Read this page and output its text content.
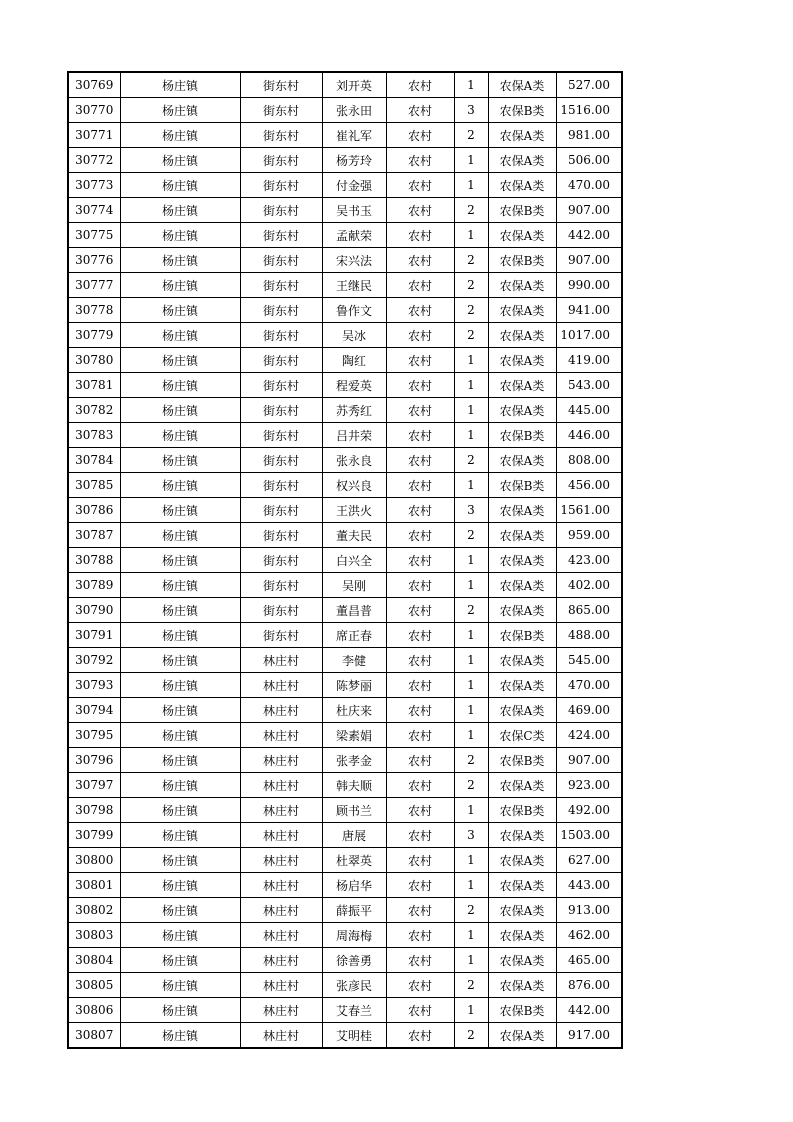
30769	杨庄镇	街东村	刘开英	农村	1	农保A类	527.00
30770	杨庄镇	街东村	张永田	农村	3	农保B类	1516.00
30771	杨庄镇	街东村	崔礼军	农村	2	农保A类	981.00
30772	杨庄镇	街东村	杨芳玲	农村	1	农保A类	506.00
30773	杨庄镇	街东村	付金强	农村	1	农保A类	470.00
30774	杨庄镇	街东村	吴书玉	农村	2	农保B类	907.00
30775	杨庄镇	街东村	孟献荣	农村	1	农保A类	442.00
30776	杨庄镇	街东村	宋兴法	农村	2	农保B类	907.00
30777	杨庄镇	街东村	王继民	农村	2	农保A类	990.00
30778	杨庄镇	街东村	鲁作文	农村	2	农保A类	941.00
30779	杨庄镇	街东村	吴冰	农村	2	农保A类	1017.00
30780	杨庄镇	街东村	陶红	农村	1	农保A类	419.00
30781	杨庄镇	街东村	程爱英	农村	1	农保A类	543.00
30782	杨庄镇	街东村	苏秀红	农村	1	农保A类	445.00
30783	杨庄镇	街东村	吕井荣	农村	1	农保B类	446.00
30784	杨庄镇	街东村	张永良	农村	2	农保A类	808.00
30785	杨庄镇	街东村	权兴良	农村	1	农保B类	456.00
30786	杨庄镇	街东村	王洪火	农村	3	农保A类	1561.00
30787	杨庄镇	街东村	董夫民	农村	2	农保A类	959.00
30788	杨庄镇	街东村	白兴全	农村	1	农保A类	423.00
30789	杨庄镇	街东村	吴刚	农村	1	农保A类	402.00
30790	杨庄镇	街东村	董昌普	农村	2	农保A类	865.00
30791	杨庄镇	街东村	席正春	农村	1	农保B类	488.00
30792	杨庄镇	林庄村	李健	农村	1	农保A类	545.00
30793	杨庄镇	林庄村	陈梦丽	农村	1	农保A类	470.00
30794	杨庄镇	林庄村	杜庆来	农村	1	农保A类	469.00
30795	杨庄镇	林庄村	梁素娟	农村	1	农保C类	424.00
30796	杨庄镇	林庄村	张孝金	农村	2	农保B类	907.00
30797	杨庄镇	林庄村	韩夫顺	农村	2	农保A类	923.00
30798	杨庄镇	林庄村	顾书兰	农村	1	农保B类	492.00
30799	杨庄镇	林庄村	唐展	农村	3	农保A类	1503.00
30800	杨庄镇	林庄村	杜翠英	农村	1	农保A类	627.00
30801	杨庄镇	林庄村	杨启华	农村	1	农保A类	443.00
30802	杨庄镇	林庄村	薛振平	农村	2	农保A类	913.00
30803	杨庄镇	林庄村	周海梅	农村	1	农保A类	462.00
30804	杨庄镇	林庄村	徐善勇	农村	1	农保A类	465.00
30805	杨庄镇	林庄村	张彦民	农村	2	农保A类	876.00
30806	杨庄镇	林庄村	艾春兰	农村	1	农保B类	442.00
30807	杨庄镇	林庄村	艾明桂	农村	2	农保A类	917.00
